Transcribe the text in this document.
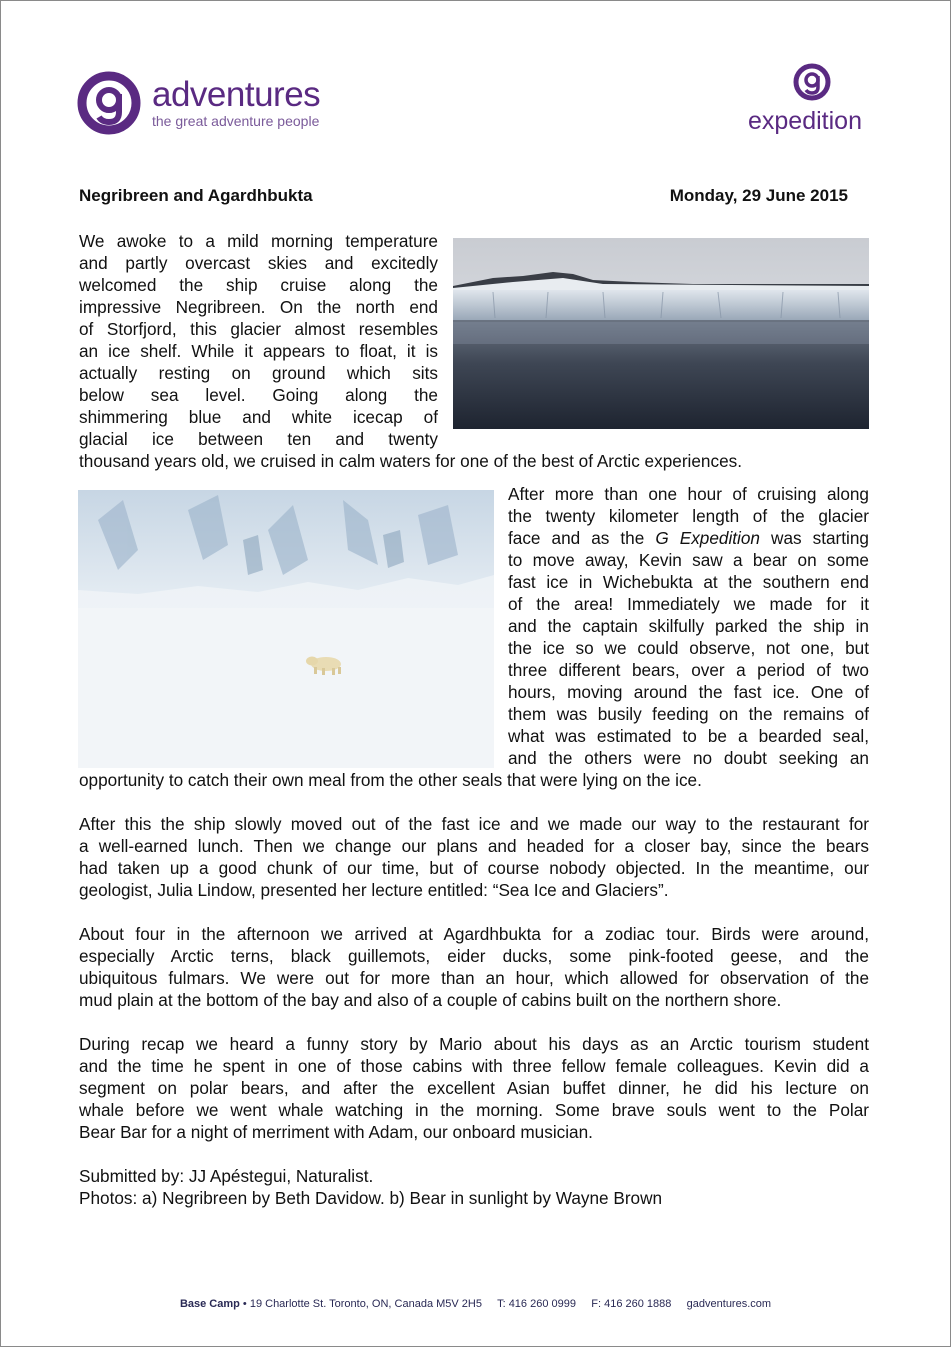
adventures
the great adventure people	expedition
Negribreen and Agardhbukta	Monday, 29 June 2015
We awoke to a mild morning temperature
and partly overcast skies and excitedly
welcomed the ship cruise along the
impressive Negribreen. On the north end
of Storfjord, this glacier almost resembles
an ice shelf. While it appears to float, it is
actually resting on ground which sits
below sea level. Going along the
shimmering blue and white icecap of
glacial ice between ten and twenty
thousand years old, we cruised in calm waters for one of the best of Arctic experiences.
After more than one hour of cruising along
the twenty kilometer length of the glacier
face and as the G Expedition was starting
to move away, Kevin saw a bear on some
fast ice in Wichebukta at the southern end
of the area! Immediately we made for it
and the captain skilfully parked the ship in
the ice so we could observe, not one, but
three different bears, over a period of two
hours, moving around the fast ice. One of
them was busily feeding on the remains of
what was estimated to be a bearded seal,
and the others were no doubt seeking an
opportunity to catch their own meal from the other seals that were lying on the ice.
After this the ship slowly moved out of the fast ice and we made our way to the restaurant for
a well-earned lunch. Then we change our plans and headed for a closer bay, since the bears
had taken up a good chunk of our time, but of course nobody objected. In the meantime, our
geologist, Julia Lindow, presented her lecture entitled: “Sea Ice and Glaciers”.
About four in the afternoon we arrived at Agardhbukta for a zodiac tour. Birds were around,
especially Arctic terns, black guillemots, eider ducks, some pink-footed geese, and the
ubiquitous fulmars. We were out for more than an hour, which allowed for observation of the
mud plain at the bottom of the bay and also of a couple of cabins built on the northern shore.
During recap we heard a funny story by Mario about his days as an Arctic tourism student
and the time he spent in one of those cabins with three fellow female colleagues. Kevin did a
segment on polar bears, and after the excellent Asian buffet dinner, he did his lecture on
whale before we went whale watching in the morning. Some brave souls went to the Polar
Bear Bar for a night of merriment with Adam, our onboard musician.
Submitted by: JJ Apéstegui, Naturalist.
Photos: a) Negribreen by Beth Davidow. b) Bear in sunlight by Wayne Brown
Base Camp • 19 Charlotte St. Toronto, ON, Canada M5V 2H5 T: 416 260 0999 F: 416 260 1888 gadventures.com
